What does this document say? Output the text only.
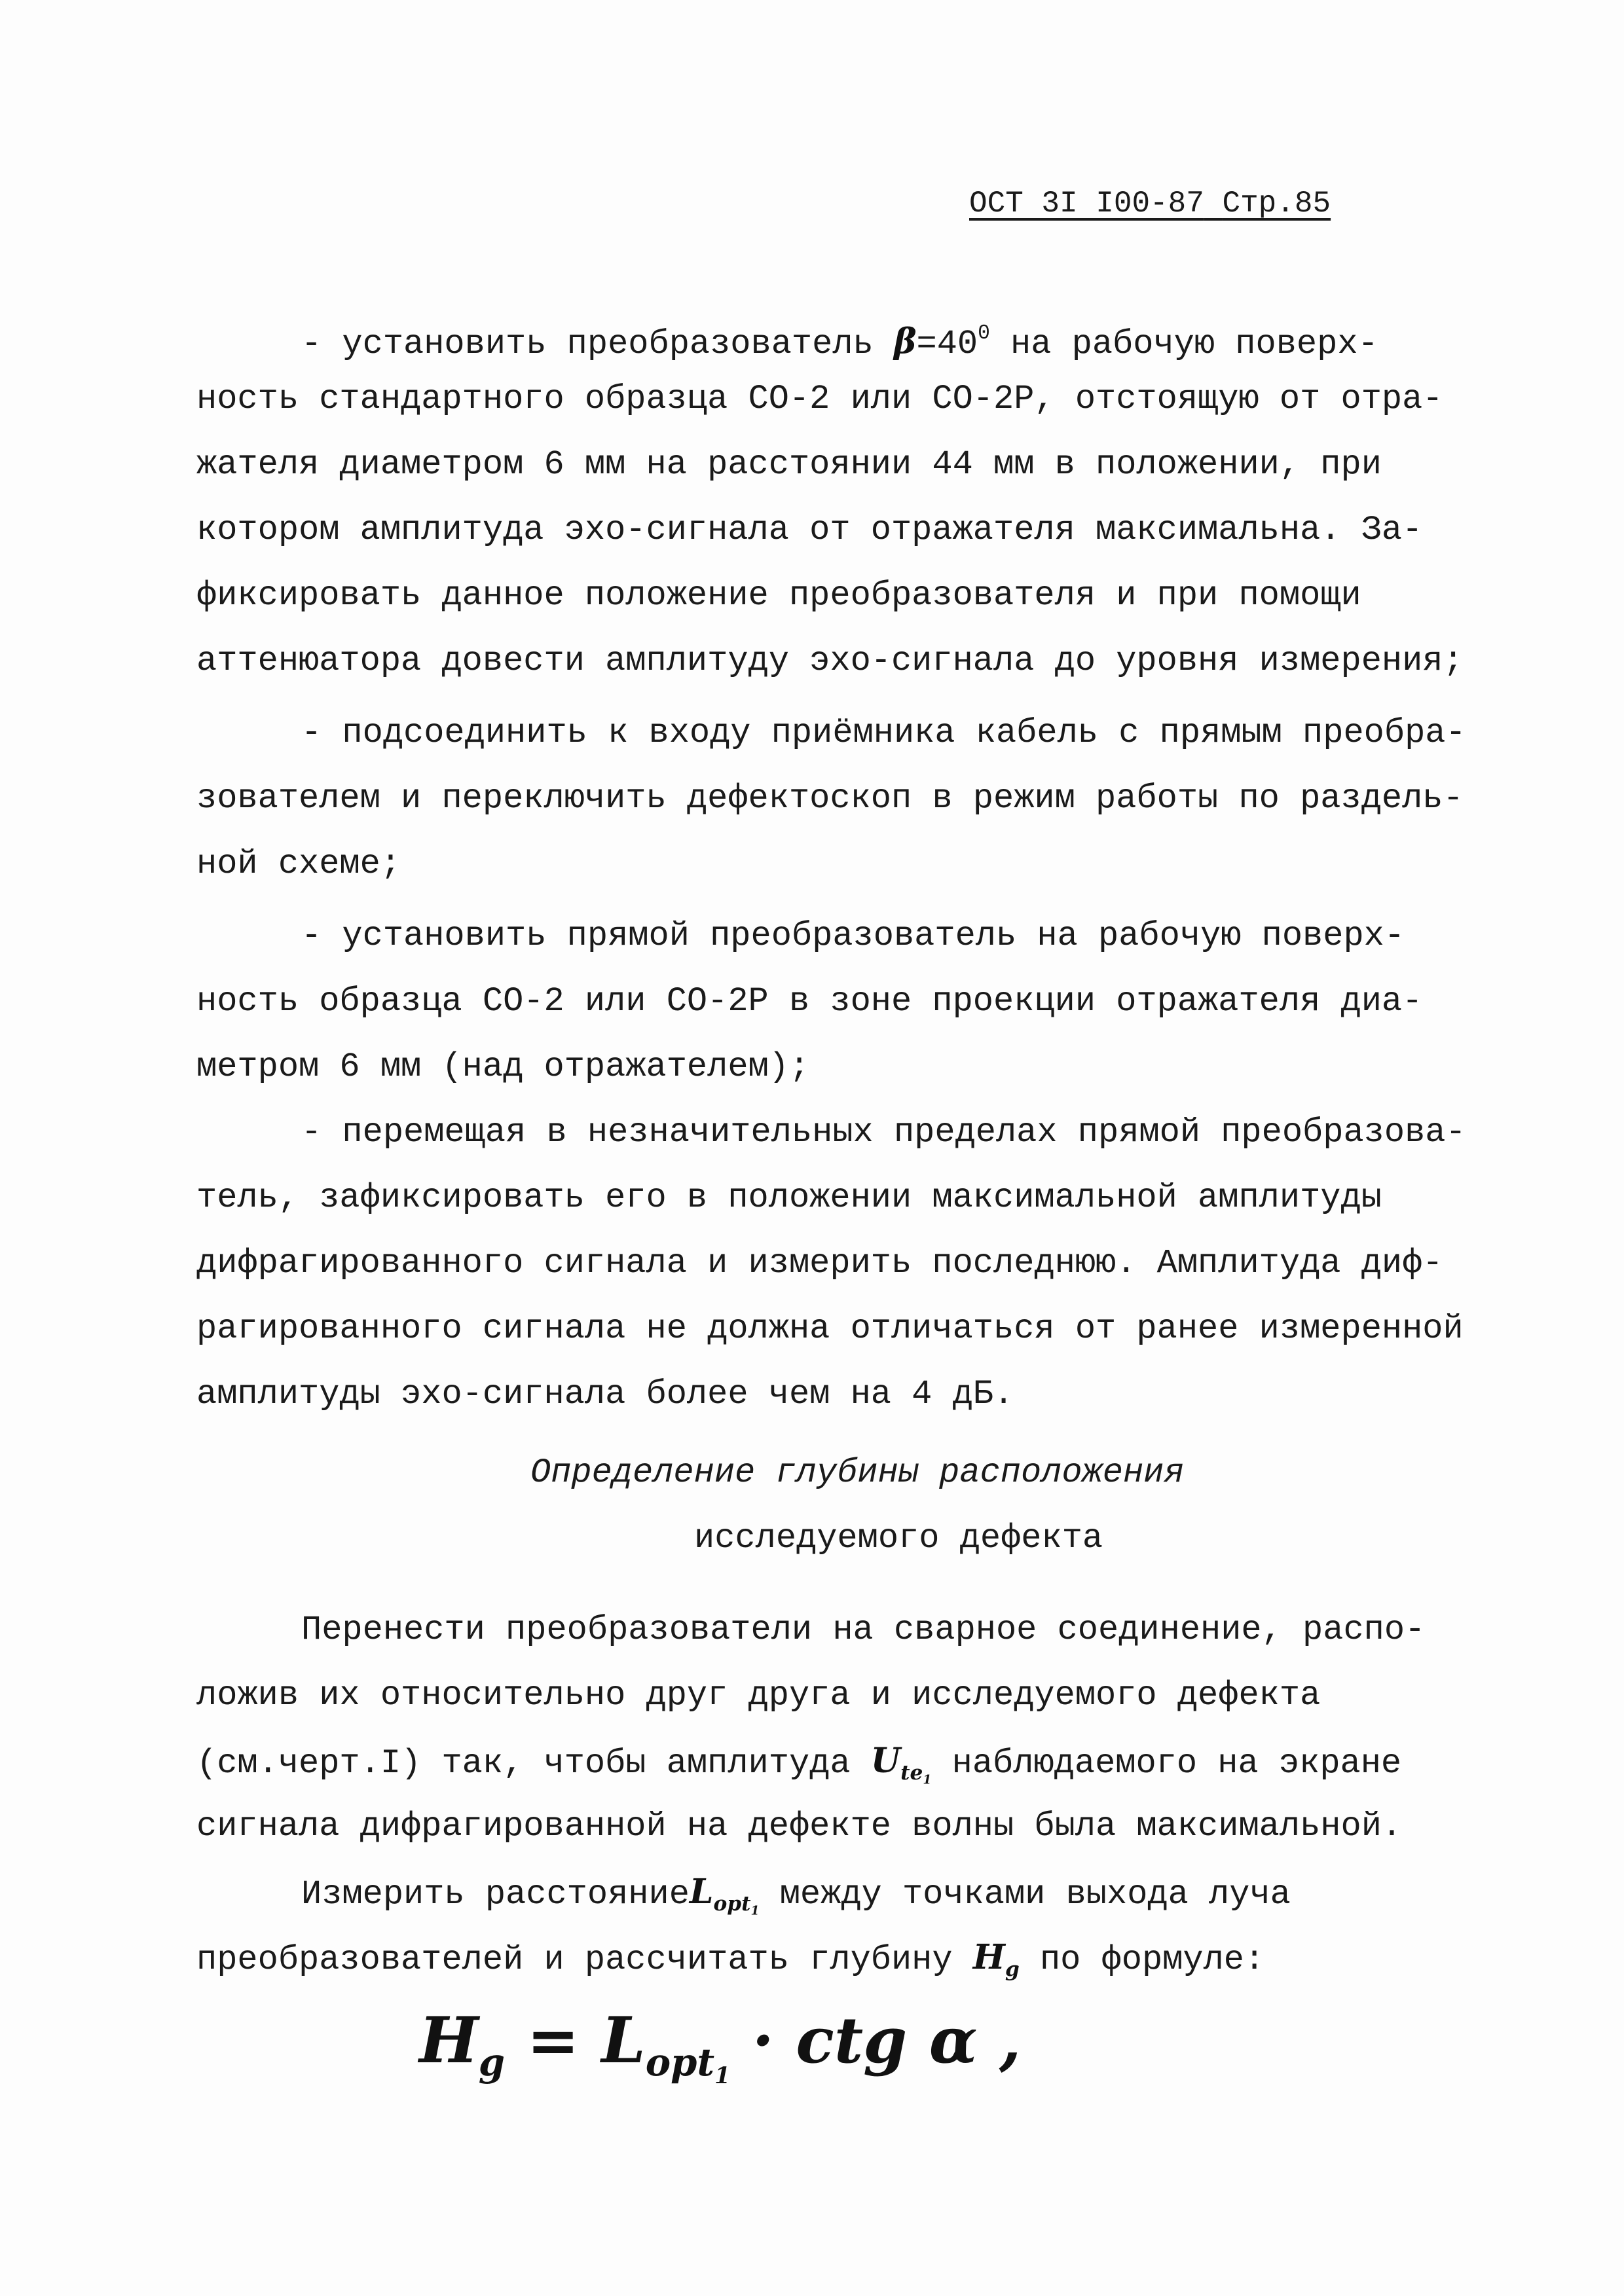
ОСТ 3I I00-87 Стр.85
- установить преобразователь $\beta=40^0$ на рабочую поверх-
ность стандартного образца СО-2 или СО-2Р, отстоящую от отра-
жателя диаметром 6 мм на расстоянии 44 мм в положении, при
котором амплитуда эхо-сигнала от отражателя максимальна. За-
фиксировать данное положение преобразователя и при помощи
аттенюатора довести амплитуду эхо-сигнала до уровня измерения;
- подсоединить к входу приёмника кабель с прямым преобра-
зователем и переключить дефектоскоп в режим работы по раздель-
ной схеме;
- установить прямой преобразователь на рабочую поверх-
ность образца СО-2 или СО-2Р в зоне проекции отражателя диа-
метром 6 мм (над отражателем);
- перемещая в незначительных пределах прямой преобразова-
тель, зафиксировать его в положении максимальной амплитуды
дифрагированного сигнала и измерить последнюю. Амплитуда диф-
рагированного сигнала не должна отличаться от ранее измеренной
амплитуды эхо-сигнала более чем на 4 дБ.
Определение глубины расположения
исследуемого дефекта
Перенести преобразователи на сварное соединение, распо-
ложив их относительно друг друга и исследуемого дефекта
(см.черт.I) так, чтобы амплитуда $U_{te_1}$ наблюдаемого на экране
сигнала дифрагированной на дефекте волны была максимальной.
Измерить расстояниеL$_{opt_1}$ между точками выхода луча
преобразователей и рассчитать глубину $H_g$ по формуле:
$H_g = L_{opt_1}$ · ctg α ,
